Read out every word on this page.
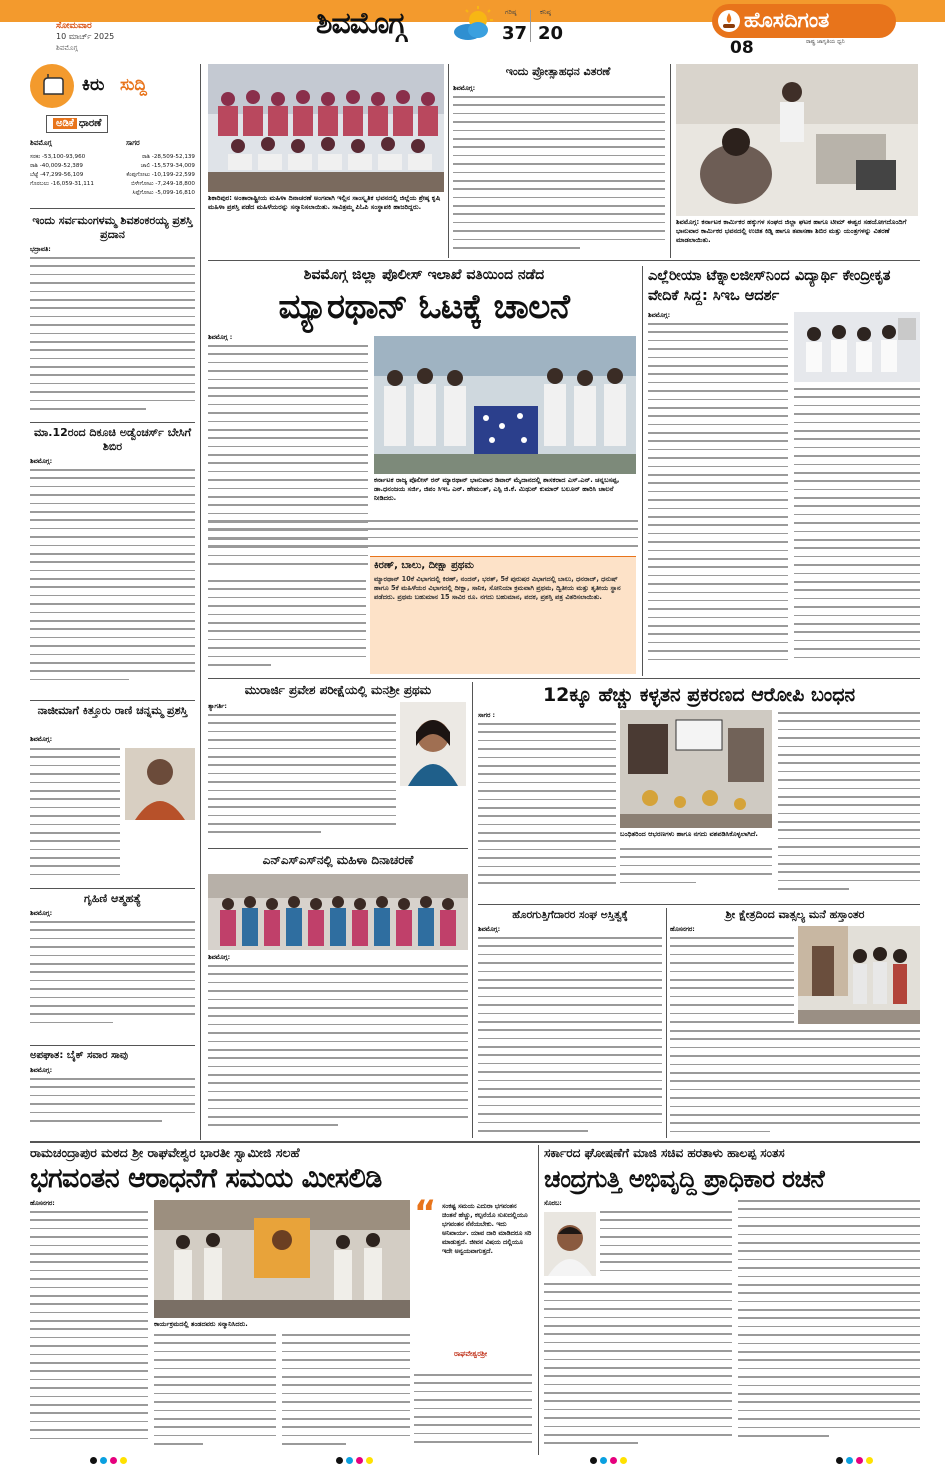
ಸೋಮವಾರ
10 ಮಾರ್ಚ್ 2025
ಶಿವಮೊಗ್ಗ
ಶಿವಮೊಗ್ಗ	ಗರಿಷ್ಠ
37
ಕನಿಷ್ಠ
20
ಹೊಸದಿಗಂತ
ರಾಷ್ಟ್ರ ಜಾಗೃತಿಯ ಧ್ವನಿ
08
ಕಿರು ಸುದ್ದಿ
ಅಡಿಕೆ ಧಾರಣೆ
ಶಿವಮೊಗ್ಗ	ಸಾಗರ
ಸರಕು -53,100-93,960	ರಾಶಿ -28,509-52,139
ರಾಶಿ -40,009-52,389	ಚಾಲಿ -15,579-34,009
ಬೆಟ್ಟೆ -47,299-56,109	ಕೆಂಪುಗೋಟು -10,199-22,599
ಗೊರಬಲು -16,059-31,111	ಬಿಳೇಗೋಟು -7,249-18,800
ಸಿಪ್ಪೆಗೋಟು -5,099-16,810
ಇಂದು ಸರ್ವಮಂಗಳಮ್ಮ ಶಿವಶಂಕರಯ್ಯ ಪ್ರಶಸ್ತಿ ಪ್ರದಾನ
ಭದ್ರಾವತಿ:
ಮಾ.12ರಂದ ದಿಕೂಚಿ ಅಡ್ವೆಂಚರ್ಸ್ ಬೇಸಿಗೆ ಶಿಬಿರ
ಶಿವಮೊಗ್ಗ:
ನಾಜೀಮಾಗೆ ಕಿತ್ತೂರು ರಾಣಿ ಚನ್ನಮ್ಮ ಪ್ರಶಸ್ತಿ
ಶಿವಮೊಗ್ಗ:
ಗೃಹಿಣಿ ಆತ್ಮಹತ್ಯೆ
ಶಿವಮೊಗ್ಗ:
ಅಪಘಾತ: ಬೈಕ್ ಸವಾರ ಸಾವು
ಶಿವಮೊಗ್ಗ:
ಶಿಕಾರಿಪುರ: ಅಂತಾರಾಷ್ಟ್ರೀಯ ಮಹಿಳಾ ದಿನಾಚರಣೆ ಅಂಗವಾಗಿ ಇಲ್ಲಿನ ಸಾಂಸ್ಕೃತಿಕ ಭವನದಲ್ಲಿ ಜಿಲ್ಲೆಯ ಶ್ರೇಷ್ಠ ಕೃಷಿ ಮಹಿಳಾ ಪ್ರಶಸ್ತಿ ಪಡೆದ ಮಹಿಳೆಯರನ್ನು ಸನ್ಮಾನಿಸಲಾಯಿತು. ಸಾವಿತ್ರಮ್ಮ ಪಿಓಪಿ ಸಂಸ್ಥಾಪಕಿ ಹಾಜರಿದ್ದರು.
ಇಂದು ಪ್ರೋತ್ಸಾಹಧನ ವಿತರಣೆ
ಶಿವಮೊಗ್ಗ:
ಶಿವಮೊಗ್ಗ: ಕರ್ನಾಟಕ ಕಾರ್ಮಿಕರ ಹಕ್ಕುಗಳ ಸಂಘದ ಜಿಲ್ಲಾ ಘಟಕ ಹಾಗೂ ಟೀಮ್ ಈಶ್ವರ ಸಹಯೋಗದೊಂದಿಗೆ ಭಾನುವಾರ ಕಾರ್ಮಿಕರ ಭವನದಲ್ಲಿ ಉಚಿತ ಕಿಡ್ನಿ ಹಾಗೂ ತಪಾಸಣಾ ಶಿಬಿರ ಮತ್ತು ಯಂತ್ರಗಳನ್ನು ವಿತರಣೆ ಮಾಡಲಾಯಿತು.
ಶಿವಮೊಗ್ಗ ಜಿಲ್ಲಾ ಪೊಲೀಸ್ ಇಲಾಖೆ ವತಿಯಿಂದ ನಡೆದ
ಮ್ಯಾರಥಾನ್ ಓಟಕ್ಕೆ ಚಾಲನೆ
ಶಿವಮೊಗ್ಗ :
ಕರ್ನಾಟಕ ರಾಜ್ಯ ಪೊಲೀಸ್ ರನ್ ಮ್ಯಾರಥಾನ್ ಭಾನುವಾರ ಡಿವಾರ್ ಮೈದಾನದಲ್ಲಿ ಶಾಸಕರಾದ ಎಸ್.ಎನ್. ಚನ್ನಬಸಪ್ಪ, ಡಾ.ಧನಂಜಯ ಸರ್ಜಿ, ಜಿಪಂ ಸಿಇಒ ಎನ್. ಹೇಮಂತ್, ಎಸ್ಪಿ ಜಿ.ಕೆ. ಮಿಥುನ್ ಕುಮಾರ್ ಬಲೂನ್ ಹಾರಿಸಿ ಚಾಲನೆ ನೀಡಿದರು.
ಕಿರಣ್, ಬಾಲು, ದೀಕ್ಷಾ ಪ್ರಥಮ
ಮ್ಯಾರಥಾನ್ 10ಕೆ ವಿಭಾಗದಲ್ಲಿ ಕಿರಣ್, ನಂದನ್, ಭರತ್, 5ಕೆ ಪುರುಷರ ವಿಭಾಗದಲ್ಲಿ ಬಾಲು, ಧನರಾಜ್, ಧನುಷ್ ಹಾಗೂ 5ಕೆ ಮಹಿಳೆಯರ ವಿಭಾಗದಲ್ಲಿ ದೀಕ್ಷಾ, ಸಾನಿಕ, ಸೋನಿಯಾ ಕ್ರಮವಾಗಿ ಪ್ರಥಮ, ದ್ವಿತೀಯ ಮತ್ತು ತೃತೀಯ ಸ್ಥಾನ ಪಡೆದರು. ಪ್ರಥಮ ಬಹುಮಾನ 15 ಸಾವಿರ ರೂ. ನಗದು ಬಹುಮಾನ, ಪದಕ, ಪ್ರಶಸ್ತಿ ಪತ್ರ ವಿತರಿಸಲಾಯಿತು.
ಎಲ್ಲೆರೀಯಾ ಟೆಕ್ನಾಲಜೀಸ್‌ನಿಂದ ವಿದ್ಯಾರ್ಥಿ ಕೇಂದ್ರೀಕೃತ ವೇದಿಕೆ ಸಿದ್ದ: ಸಿಇಒ ಆದರ್ಶ
ಶಿವಮೊಗ್ಗ:
ಮುರಾರ್ಜಿ ಪ್ರವೇಶ ಪರೀಕ್ಷೆಯಲ್ಲಿ ಮನಶ್ರೀ ಪ್ರಥಮ
ತ್ಯಾಗರ್ತಿ:
ಎನ್‌ಎಸ್‌ಎಸ್‌ನಲ್ಲಿ ಮಹಿಳಾ ದಿನಾಚರಣೆ
ಶಿವಮೊಗ್ಗ:
12ಕ್ಕೂ ಹೆಚ್ಚು ಕಳ್ಳತನ ಪ್ರಕರಣದ ಆರೋಪಿ ಬಂಧನ
ಸಾಗರ :
ಬಂಧಿತರಿಂದ ಆಭರಣಗಳು ಹಾಗೂ ನಗದು ವಶಪಡಿಸಿಕೊಳ್ಳಲಾಗಿದೆ.
ಹೊರಗುತ್ತಿಗೆದಾರರ ಸಂಘ ಅಸ್ತಿತ್ವಕ್ಕೆ
ಶಿವಮೊಗ್ಗ:
ಶ್ರೀ ಕ್ಷೇತ್ರದಿಂದ ವಾತ್ಸಲ್ಯ ಮನೆ ಹಸ್ತಾಂತರ
ಹೊಸನಗರ:
ರಾಮಚಂದ್ರಾಪುರ ಮಠದ ಶ್ರೀ ರಾಘವೇಶ್ವರ ಭಾರತೀ ಸ್ವಾಮೀಜಿ ಸಲಹೆ
ಭಗವಂತನ ಆರಾಧನೆಗೆ ಸಮಯ ಮೀಸಲಿಡಿ
ಹೊಸನಗರ:
ಕಾರ್ಯಕ್ರಮದಲ್ಲಿ ತಂಡದವರು ಸನ್ಮಾನಿಸಿದರು.
“ ಸಂಕಷ್ಟ ಸಮಯ ಎದುರಾ ಭಗವಂತನ ಚಿಂತನೆ ಹೆಚ್ಚು, ಕಲ್ಪನೆಯೊ ಸುಖದಲ್ಲಿಯೂ ಭಗವಂತನ ನೆನೆಯಬೇಕು. ಇದು ಅನಿವಾರ್ಯ. ಯಾವ ದಾರಿ ಮಾಡಿದರೂ ಸರಿ ಮಾಡುತ್ತದೆ. ಜೀವನ ವಿಷಯ ದಲ್ಲಿಯೂ ಇದೇ ಅನ್ವಯವಾಗುತ್ತದೆ.
ರಾಘವೇಶ್ವರಶ್ರೀ
ಸರ್ಕಾರದ ಘೋಷಣೆಗೆ ಮಾಜಿ ಸಚಿವ ಹರತಾಳು ಹಾಲಪ್ಪ ಸಂತಸ
ಚಂದ್ರಗುತ್ತಿ ಅಭಿವೃದ್ದಿ ಪ್ರಾಧಿಕಾರ ರಚನೆ
ಸೊರಬ:
